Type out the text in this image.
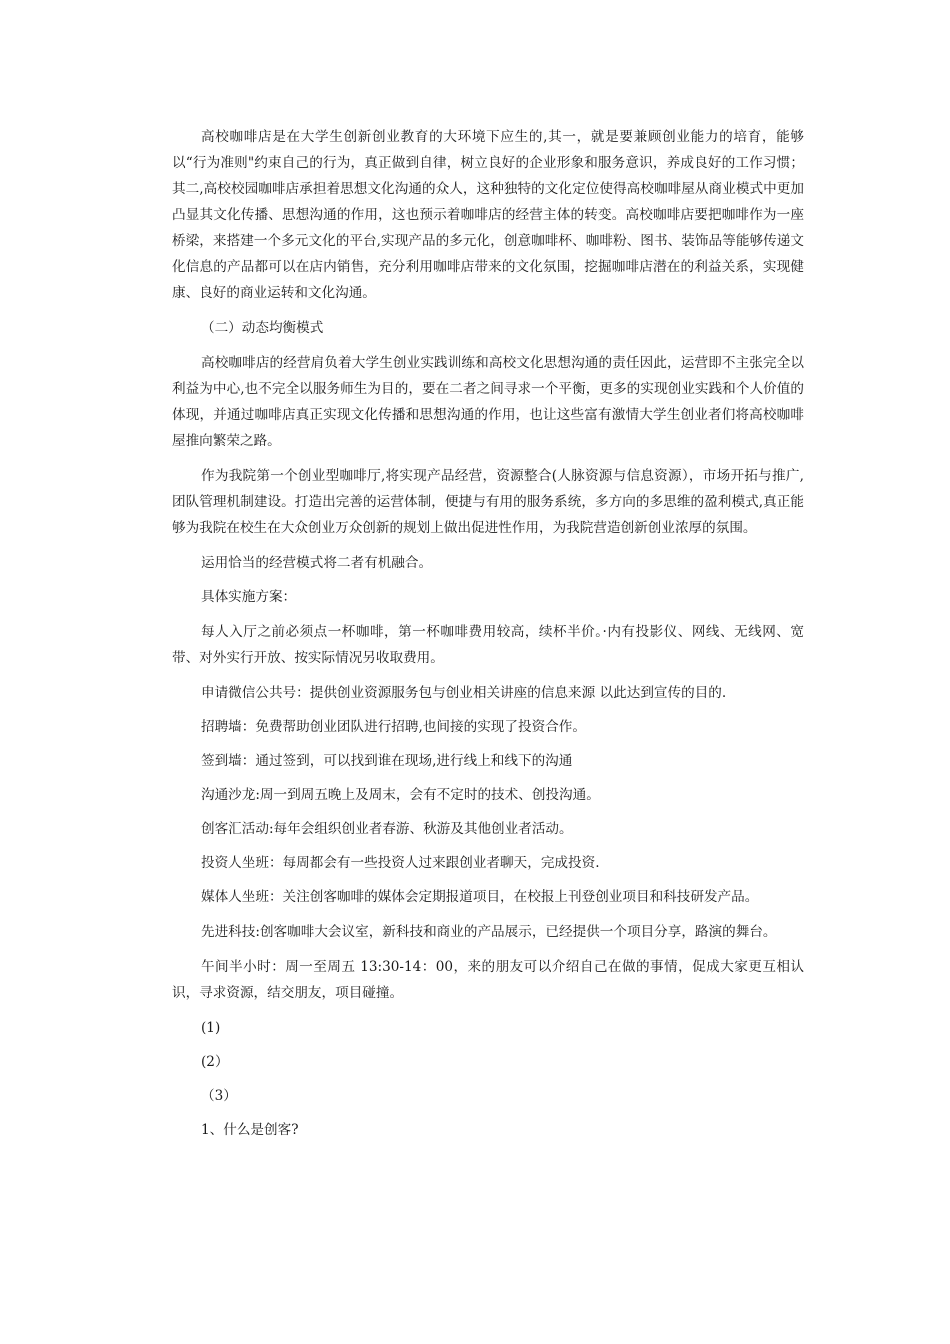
高校咖啡店是在大学生创新创业教育的大环境下应生的,其一，就是要兼顾创业能力的培育，能够以“行为准则"约束自己的行为，真正做到自律，树立良好的企业形象和服务意识，养成良好的工作习惯；其二,高校校园咖啡店承担着思想文化沟通的众人，这种独特的文化定位使得高校咖啡屋从商业模式中更加凸显其文化传播、思想沟通的作用，这也预示着咖啡店的经营主体的转变。高校咖啡店要把咖啡作为一座桥梁，来搭建一个多元文化的平台,实现产品的多元化，创意咖啡杯、咖啡粉、图书、装饰品等能够传递文化信息的产品都可以在店内销售，充分利用咖啡店带来的文化氛围，挖掘咖啡店潜在的利益关系，实现健康、良好的商业运转和文化沟通。

（二）动态均衡模式

高校咖啡店的经营肩负着大学生创业实践训练和高校文化思想沟通的责任因此，运营即不主张完全以利益为中心,也不完全以服务师生为目的，要在二者之间寻求一个平衡，更多的实现创业实践和个人价值的体现，并通过咖啡店真正实现文化传播和思想沟通的作用，也让这些富有激情大学生创业者们将高校咖啡屋推向繁荣之路。

作为我院第一个创业型咖啡厅,将实现产品经营，资源整合(人脉资源与信息资源），市场开拓与推广,团队管理机制建设。打造出完善的运营体制，便捷与有用的服务系统，多方向的多思维的盈利模式,真正能够为我院在校生在大众创业万众创新的规划上做出促进性作用，为我院营造创新创业浓厚的氛围。

运用恰当的经营模式将二者有机融合。

具体实施方案：

每人入厅之前必须点一杯咖啡，第一杯咖啡费用较高，续杯半价。·内有投影仪、网线、无线网、宽带、对外实行开放、按实际情况另收取费用。

申请微信公共号：提供创业资源服务包与创业相关讲座的信息来源 以此达到宣传的目的.

招聘墙：免费帮助创业团队进行招聘,也间接的实现了投资合作。

签到墙：通过签到，可以找到谁在现场,进行线上和线下的沟通

沟通沙龙:周一到周五晚上及周末，会有不定时的技术、创投沟通。

创客汇活动:每年会组织创业者春游、秋游及其他创业者活动。

投资人坐班：每周都会有一些投资人过来跟创业者聊天，完成投资.

媒体人坐班：关注创客咖啡的媒体会定期报道项目，在校报上刊登创业项目和科技研发产品。

先进科技:创客咖啡大会议室，新科技和商业的产品展示，已经提供一个项目分享，路演的舞台。

午间半小时：周一至周五 13:30-14：00，来的朋友可以介绍自己在做的事情，促成大家更互相认识，寻求资源，结交朋友，项目碰撞。

(1)

(2）

（3）

1、什么是创客?
